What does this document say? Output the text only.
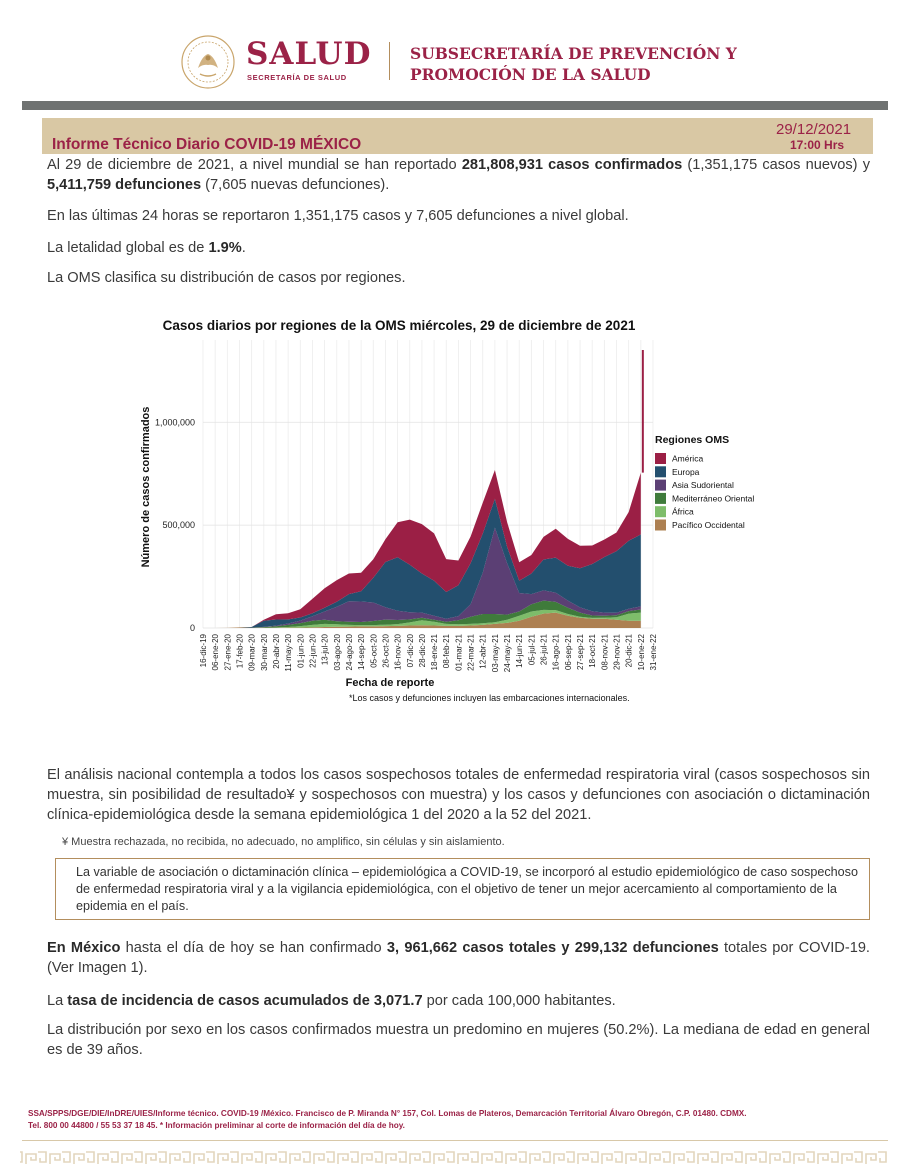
SALUD
SECRETARÍA DE SALUD
SUBSECRETARÍA DE PREVENCIÓN Y
PROMOCIÓN DE LA SALUD
Informe Técnico Diario COVID-19 MÉXICO
29/12/2021
17:00 Hrs
Al 29 de diciembre de 2021, a nivel mundial se han reportado 281,808,931 casos confirmados (1,351,175 casos nuevos) y 5,411,759 defunciones (7,605 nuevas defunciones).
En las últimas 24 horas se reportaron 1,351,175 casos y 7,605 defunciones a nivel global.
La letalidad global es de 1.9%.
La OMS clasifica su distribución de casos por regiones.
Casos diarios por regiones de la OMS miércoles, 29 de diciembre de 2021
0
500,000
1,000,000
16-dic-19 06-ene-20 27-ene-20 17-feb-20 09-mar-20 30-mar-20 20-abr-20 11-may-20 01-jun-20 22-jun-20 13-jul-20 03-ago-20 24-ago-20 14-sep-20 05-oct-20 26-oct-20 16-nov-20 07-dic-20 28-dic-20 18-ene-21 08-feb-21 01-mar-21 22-mar-21 12-abr-21 03-may-21 24-may-21 14-jun-21 05-jul-21 26-jul-21 16-ago-21 06-sep-21 27-sep-21 18-oct-21 08-nov-21 29-nov-21 20-dic-21 10-ene-22 31-ene-22
Número de casos confirmados
Fecha de reporte
*Los casos y defunciones incluyen las embarcaciones internacionales.
Regiones OMS
América
Europa
Asia Sudoriental
Mediterráneo Oriental
África
Pacífico Occidental
El análisis nacional contempla a todos los casos sospechosos totales de enfermedad respiratoria viral (casos sospechosos sin muestra, sin posibilidad de resultado¥ y sospechosos con muestra) y los casos y defunciones con asociación o dictaminación clínica-epidemiológica desde la semana epidemiológica 1 del 2020 a la 52 del 2021.
¥ Muestra rechazada, no recibida, no adecuado, no amplifico, sin células y sin aislamiento.
La variable de asociación o dictaminación clínica – epidemiológica a COVID-19, se incorporó al estudio epidemiológico de caso sospechoso de enfermedad respiratoria viral y a la vigilancia epidemiológica, con el objetivo de tener un mejor acercamiento al comportamiento de la epidemia en el país.
En México hasta el día de hoy se han confirmado 3, 961,662 casos totales y 299,132 defunciones totales por COVID-19. (Ver Imagen 1).
La tasa de incidencia de casos acumulados de 3,071.7 por cada 100,000 habitantes.
La distribución por sexo en los casos confirmados muestra un predomino en mujeres (50.2%). La mediana de edad en general es de 39 años.
SSA/SPPS/DGE/DIE/InDRE/UIES/Informe técnico. COVID-19 /México. Francisco de P. Miranda N° 157, Col. Lomas de Plateros, Demarcación Territorial Álvaro Obregón, C.P. 01480. CDMX.
Tel. 800 00 44800 / 55 53 37 18 45. * Información preliminar al corte de información del día de hoy.
